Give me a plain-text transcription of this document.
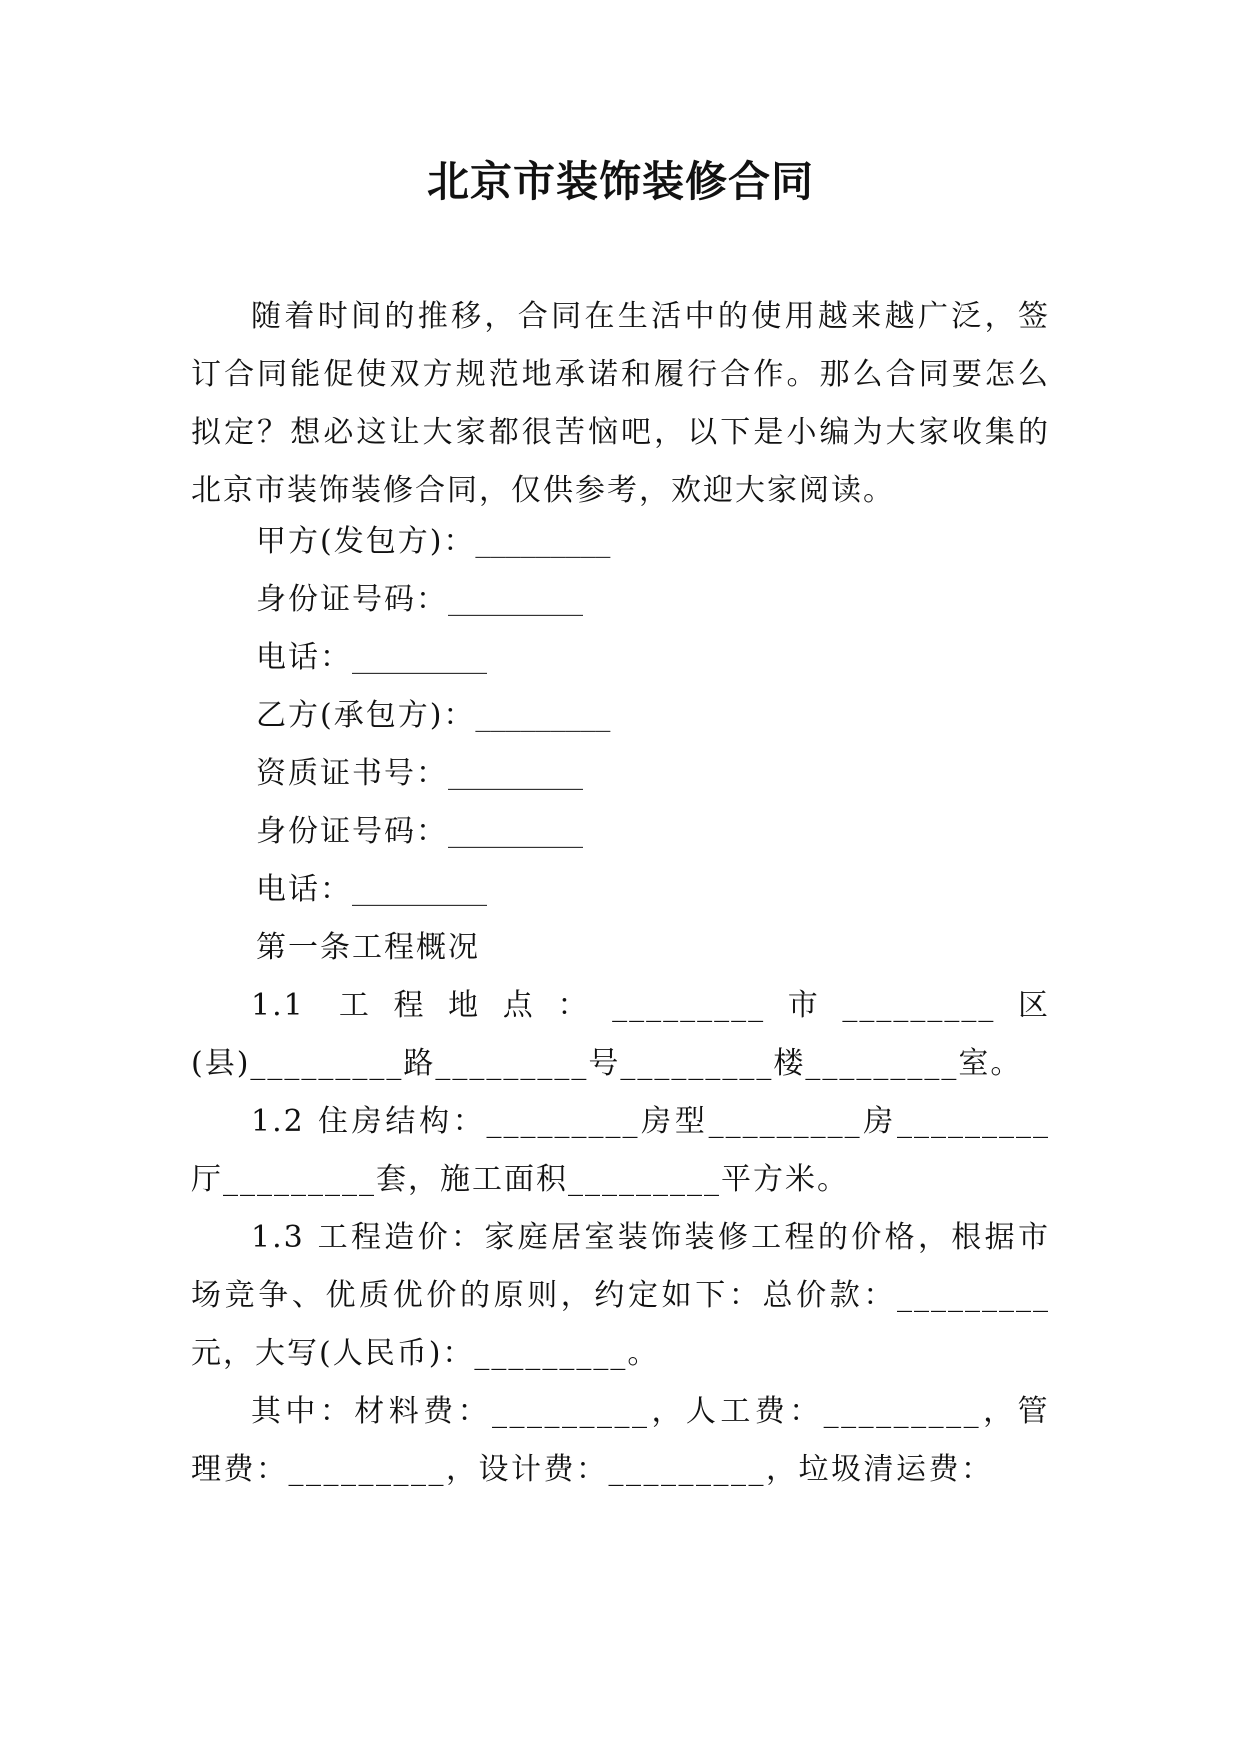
北京市装饰装修合同
随着时间的推移，合同在生活中的使用越来越广泛，签订合同能促使双方规范地承诺和履行合作。那么合同要怎么拟定？想必这让大家都很苦恼吧，以下是小编为大家收集的北京市装饰装修合同，仅供参考，欢迎大家阅读。
甲方(发包方)：_________
身份证号码：_________
电话：_________
乙方(承包方)：_________
资质证书号：_________
身份证号码：_________
电话：_________
第一条工程概况
1.1 工程地点：_________市_________区(县)_________路_________号_________楼_________室。
1.2 住房结构：_________房型_________房_________厅_________套，施工面积_________平方米。
1.3 工程造价：家庭居室装饰装修工程的价格，根据市场竞争、优质优价的原则，约定如下：总价款：_________元，大写(人民币)：_________。
其中：材料费：_________，人工费：_________，管理费：_________，设计费：_________，垃圾清运费：
